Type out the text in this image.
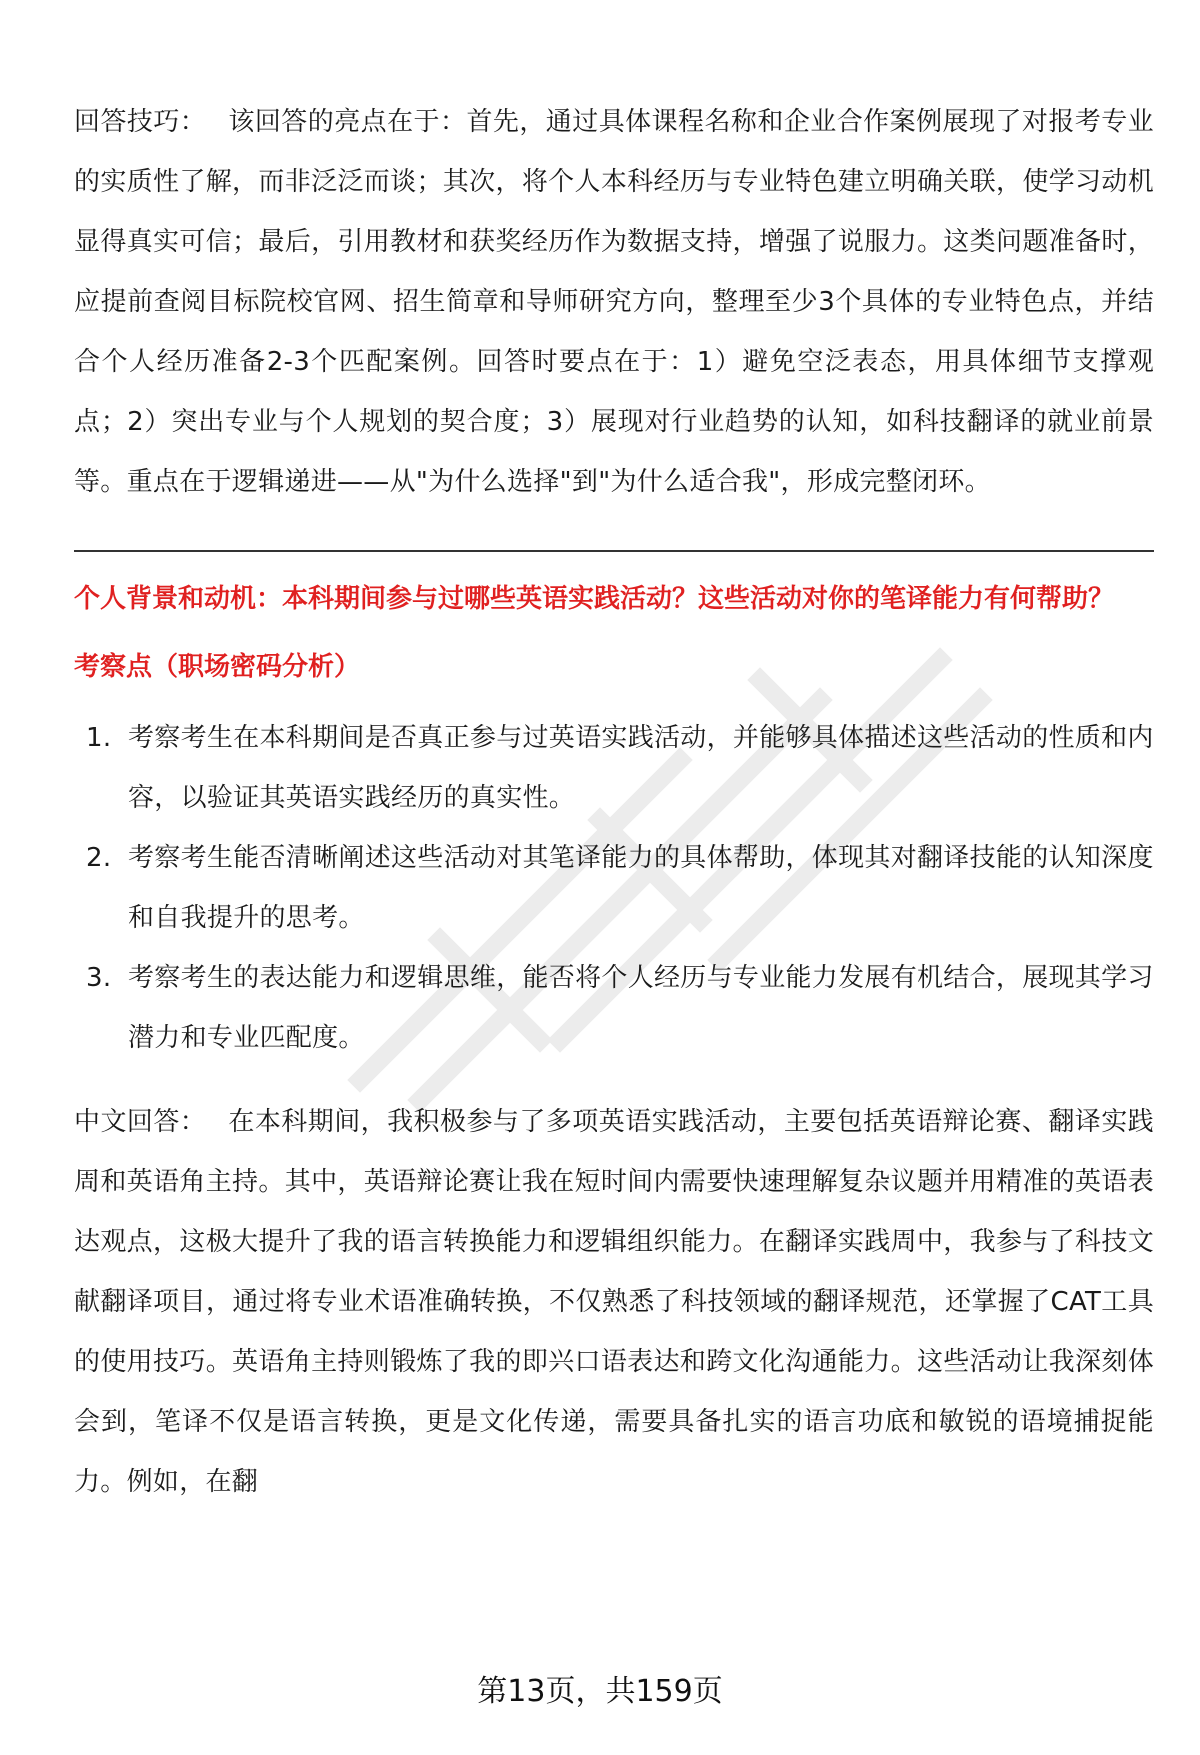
回答技巧： 该回答的亮点在于：首先，通过具体课程名称和企业合作案例展现了对报考专业的实质性了解，而非泛泛而谈；其次，将个人本科经历与专业特色建立明确关联，使学习动机显得真实可信；最后，引用教材和获奖经历作为数据支持，增强了说服力。这类问题准备时，应提前查阅目标院校官网、招生简章和导师研究方向，整理至少3个具体的专业特色点，并结合个人经历准备2-3个匹配案例。回答时要点在于：1）避免空泛表态，用具体细节支撑观点；2）突出专业与个人规划的契合度；3）展现对行业趋势的认知，如科技翻译的就业前景等。重点在于逻辑递进——从"为什么选择"到"为什么适合我"，形成完整闭环。

个人背景和动机：本科期间参与过哪些英语实践活动？这些活动对你的笔译能力有何帮助？

考察点（职场密码分析）

1. 考察考生在本科期间是否真正参与过英语实践活动，并能够具体描述这些活动的性质和内容，以验证其英语实践经历的真实性。
2. 考察考生能否清晰阐述这些活动对其笔译能力的具体帮助，体现其对翻译技能的认知深度和自我提升的思考。
3. 考察考生的表达能力和逻辑思维，能否将个人经历与专业能力发展有机结合，展现其学习潜力和专业匹配度。

中文回答： 在本科期间，我积极参与了多项英语实践活动，主要包括英语辩论赛、翻译实践周和英语角主持。其中，英语辩论赛让我在短时间内需要快速理解复杂议题并用精准的英语表达观点，这极大提升了我的语言转换能力和逻辑组织能力。在翻译实践周中，我参与了科技文献翻译项目，通过将专业术语准确转换，不仅熟悉了科技领域的翻译规范，还掌握了CAT工具的使用技巧。英语角主持则锻炼了我的即兴口语表达和跨文化沟通能力。这些活动让我深刻体会到，笔译不仅是语言转换，更是文化传递，需要具备扎实的语言功底和敏锐的语境捕捉能力。例如，在翻

第13页，共159页
